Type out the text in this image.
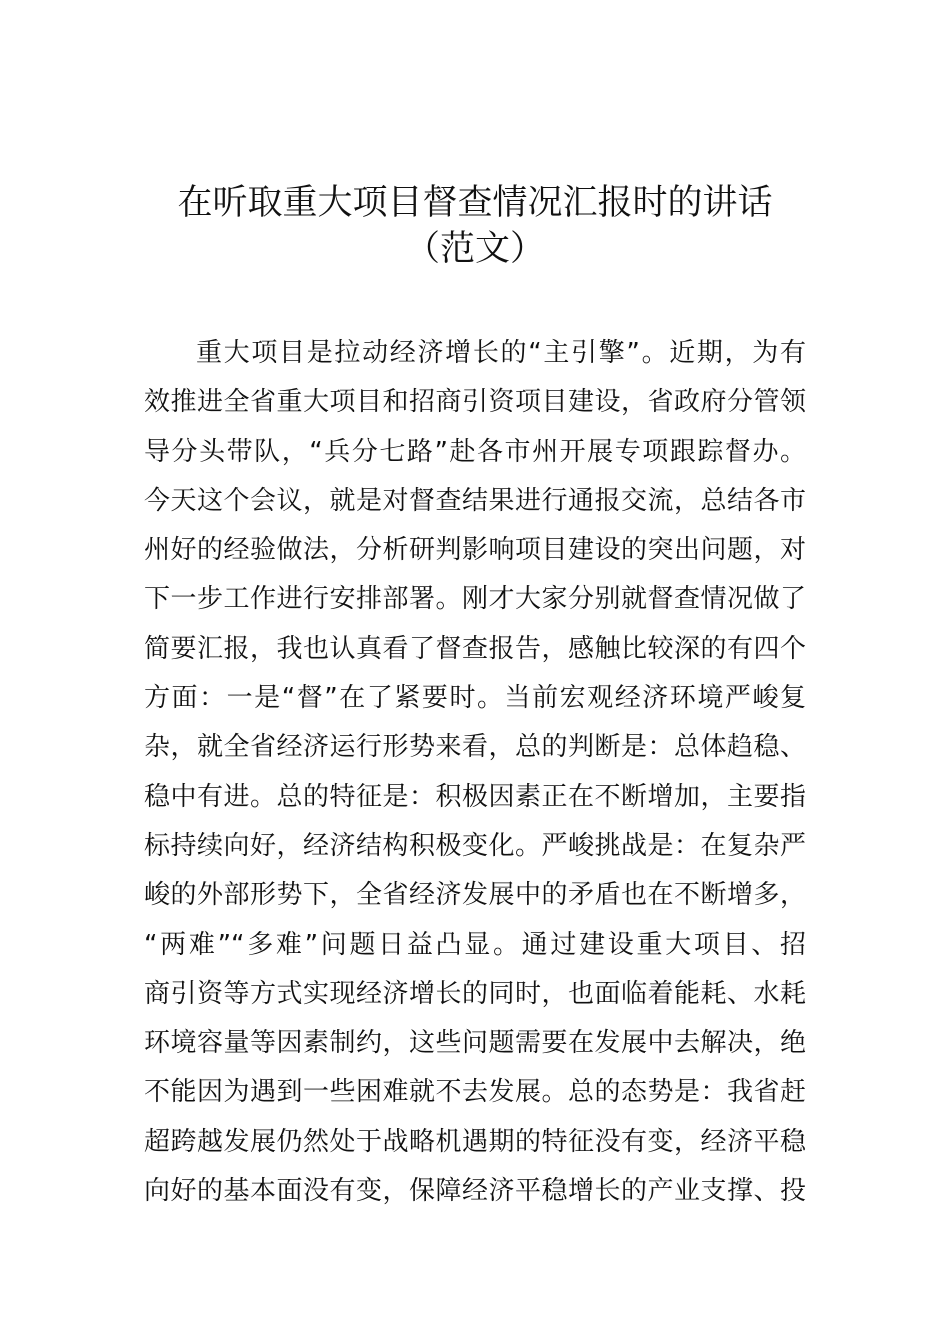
在听取重大项目督查情况汇报时的讲话
（范文）
重大项目是拉动经济增长的“主引擎”。近期，为有
效推进全省重大项目和招商引资项目建设，省政府分管领
导分头带队，“兵分七路”赴各市州开展专项跟踪督办。
今天这个会议，就是对督查结果进行通报交流，总结各市
州好的经验做法，分析研判影响项目建设的突出问题，对
下一步工作进行安排部署。刚才大家分别就督查情况做了
简要汇报，我也认真看了督查报告，感触比较深的有四个
方面：一是“督”在了紧要时。当前宏观经济环境严峻复
杂，就全省经济运行形势来看，总的判断是：总体趋稳、
稳中有进。总的特征是：积极因素正在不断增加，主要指
标持续向好，经济结构积极变化。严峻挑战是：在复杂严
峻的外部形势下，全省经济发展中的矛盾也在不断增多，
“两难”“多难”问题日益凸显。通过建设重大项目、招
商引资等方式实现经济增长的同时，也面临着能耗、水耗
环境容量等因素制约，这些问题需要在发展中去解决，绝
不能因为遇到一些困难就不去发展。总的态势是：我省赶
超跨越发展仍然处于战略机遇期的特征没有变，经济平稳
向好的基本面没有变，保障经济平稳增长的产业支撑、投
